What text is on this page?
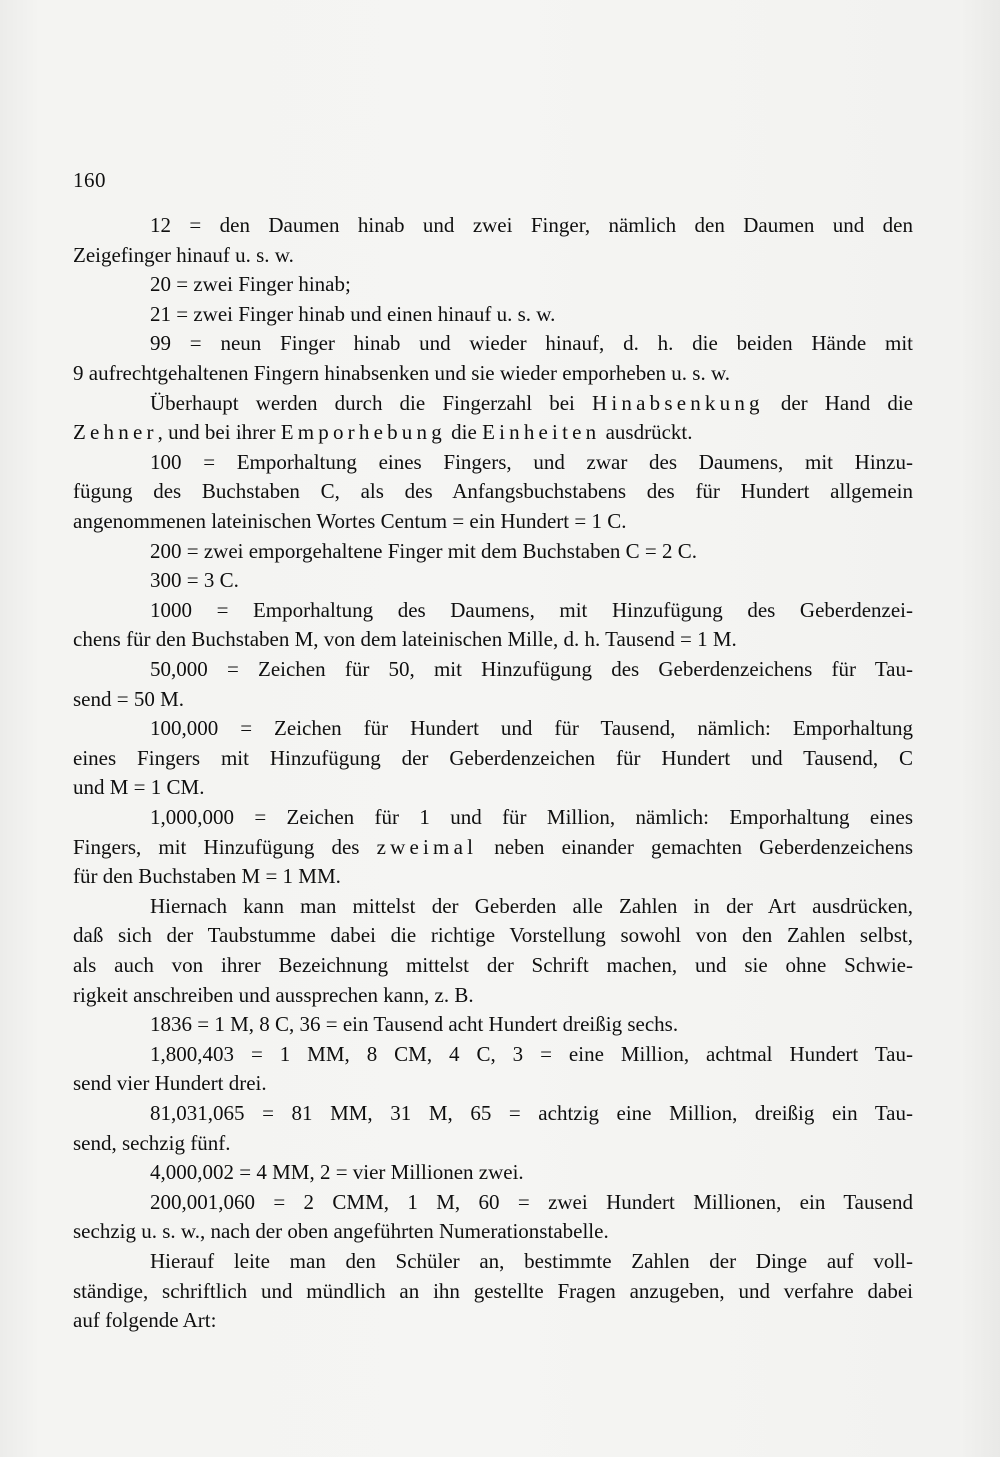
160
12 = den Daumen hinab und zwei Finger, nämlich den Daumen und den
Zeigefinger hinauf u. s. w.
20 = zwei Finger hinab;
21 = zwei Finger hinab und einen hinauf u. s. w.
99 = neun Finger hinab und wieder hinauf, d. h. die beiden Hände mit
9 aufrechtgehaltenen Fingern hinabsenken und sie wieder emporheben u. s. w.
Überhaupt werden durch die Fingerzahl bei Hinabsenkung der Hand die
Zehner, und bei ihrer Emporhebung die Einheiten ausdrückt.
100 = Emporhaltung eines Fingers, und zwar des Daumens, mit Hinzu-
fügung des Buchstaben C, als des Anfangsbuchstabens des für Hundert allgemein
angenommenen lateinischen Wortes Centum = ein Hundert = 1 C.
200 = zwei emporgehaltene Finger mit dem Buchstaben C = 2 C.
300 = 3 C.
1000 = Emporhaltung des Daumens, mit Hinzufügung des Geberdenzei-
chens für den Buchstaben M, von dem lateinischen Mille, d. h. Tausend = 1 M.
50,000 = Zeichen für 50, mit Hinzufügung des Geberdenzeichens für Tau-
send = 50 M.
100,000 = Zeichen für Hundert und für Tausend, nämlich: Emporhaltung
eines Fingers mit Hinzufügung der Geberdenzeichen für Hundert und Tausend, C
und M = 1 CM.
1,000,000 = Zeichen für 1 und für Million, nämlich: Emporhaltung eines
Fingers, mit Hinzufügung des zweimal neben einander gemachten Geberdenzeichens
für den Buchstaben M = 1 MM.
Hiernach kann man mittelst der Geberden alle Zahlen in der Art ausdrücken,
daß sich der Taubstumme dabei die richtige Vorstellung sowohl von den Zahlen selbst,
als auch von ihrer Bezeichnung mittelst der Schrift machen, und sie ohne Schwie-
rigkeit anschreiben und aussprechen kann, z. B.
1836 = 1 M, 8 C, 36 = ein Tausend acht Hundert dreißig sechs.
1,800,403 = 1 MM, 8 CM, 4 C, 3 = eine Million, achtmal Hundert Tau-
send vier Hundert drei.
81,031,065 = 81 MM, 31 M, 65 = achtzig eine Million, dreißig ein Tau-
send, sechzig fünf.
4,000,002 = 4 MM, 2 = vier Millionen zwei.
200,001,060 = 2 CMM, 1 M, 60 = zwei Hundert Millionen, ein Tausend
sechzig u. s. w., nach der oben angeführten Numerationstabelle.
Hierauf leite man den Schüler an, bestimmte Zahlen der Dinge auf voll-
ständige, schriftlich und mündlich an ihn gestellte Fragen anzugeben, und verfahre dabei
auf folgende Art:
